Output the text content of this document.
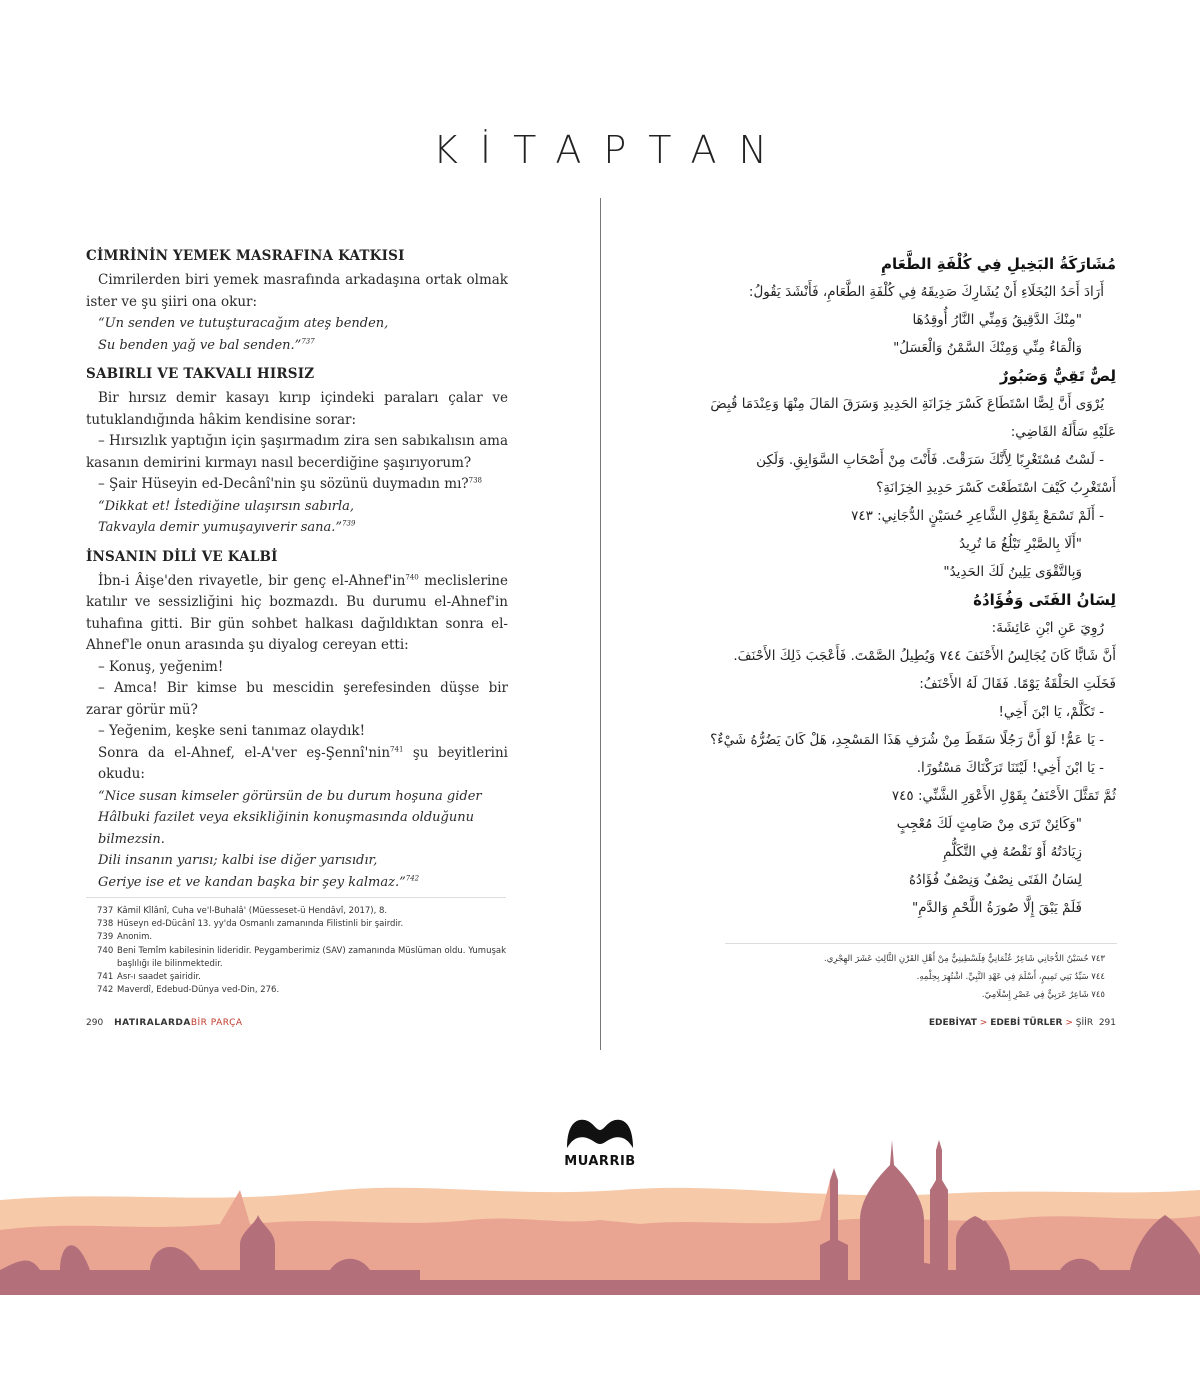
KİTAPTAN
CİMRİNİN YEMEK MASRAFINA KATKISI

Cimrilerden biri yemek masrafında arkadaşına ortak olmak ister ve şu şiiri ona okur:

“Un senden ve tutuşturacağım ateş benden,

Su benden yağ ve bal senden.”$^{737}$

SABIRLI VE TAKVALI HIRSIZ

Bir hırsız demir kasayı kırıp içindeki paraları çalar ve tutuklandığında hâkim kendisine sorar:

– Hırsızlık yaptığın için şaşırmadım zira sen sabıkalısın ama kasanın demirini kırmayı nasıl becerdiğine şaşırıyorum?

– Şair Hüseyin ed-Decânî'nin şu sözünü duymadın mı?$^{738}$

“Dikkat et! İstediğine ulaşırsın sabırla,

Takvayla demir yumuşayıverir sana.”$^{739}$

İNSANIN DİLİ VE KALBİ

İbn-i Âişe'den rivayetle, bir genç $el-Ahnef'in^{740}$ meclislerine katılır ve sessizliğini hiç bozmazdı. Bu durumu el-Ahnef'in tuhafına gitti. Bir gün sohbet halkası dağıldıktan sonra el-Ahnef'le onun arasında şu diyalog cereyan etti:

– Konuş, yeğenim!

– Amca! Bir kimse bu mescidin şerefesinden düşse bir zarar görür mü?

– Yeğenim, keşke seni tanımaz olaydık!

Sonra da el-Ahnef, el-A'ver eş-Şennî'nin$^{741}$ şu beyitlerini okudu:

“Nice susan kimseler görürsün de bu durum hoşuna gider

Hâlbuki fazilet veya eksikliğinin konuşmasında olduğunu bilmezsin.

Dili insanın yarısı; kalbi ise diğer yarısıdır,

Geriye ise et ve kandan başka bir şey kalmaz.”$^{742}$

737 Kâmil Kîlânî, Cuha ve'l-Buhalâ' (Müesseset-ü Hendâvî, 2017), 8.
738 Hüseyn ed-Dücânî 13. yy'da Osmanlı zamanında Filistinli bir şairdir.
739 Anonim.
740 Beni Temîm kabilesinin lideridir. Peygamberimiz (SAV) zamanında Müslüman oldu. Yumuşak başlılığı ile bilinmektedir.
741 Asr-ı saadet şairidir.
742 Maverdî, Edebud-Dünya ved-Din, 276.
290 HATIRALARDABİR PARÇA

مُشَارَكَةُ البَخِيلِ فِي كُلْفَةِ الطَّعَامِ

أَرَادَ أَحَدُ البُخَلَاءِ أَنْ يُشَارِكَ صَدِيقَهُ فِي كُلْفَةِ الطَّعَامِ، فَأَنْشَدَ يَقُولُ:

"مِنْكَ الدَّقِيقُ وَمِنِّي النَّارُ أُوقِدُهَا

وَالْمَاءُ مِنِّي وَمِنْكَ السَّمْنُ وَالْعَسَلُ"

لِصٌّ تَقِيٌّ وَصَبُورٌ

يُرْوَى أَنَّ لِصًّا اسْتَطَاعَ كَسْرَ خِزَانَةِ الحَدِيدِ وَسَرَقَ المَالَ مِنْهَا وَعِنْدَمَا قُبِضَ

عَلَيْهِ سَأَلَهُ القَاضِي:

- لَسْتُ مُسْتَغْرِبًا لِأَنَّكَ سَرَقْتَ. فَأَنْتَ مِنْ أَصْحَابِ السَّوَابِقِ. وَلَكِن

أَسْتَغْرِبُ كَيْفَ اسْتَطَعْتَ كَسْرَ حَدِيدِ الخِزَانَةِ؟

- أَلَمْ تَسْمَعْ بِقَوْلِ الشَّاعِرِ حُسَيْنٍ الدُّجَانِي: ٧٤٣

"أَلَا بِالصَّبْرِ تَبْلُغُ مَا تُرِيدُ

وَبِالتَّقْوَى يَلِينُ لَكَ الحَدِيدُ"

لِسَانُ الفَتَى وَفُؤَادُهُ

رُوِيَ عَنِ ابْنِ عَائِشَةَ:

أَنَّ شَابًّا كَانَ يُجَالِسُ الأَحْنَفَ ٧٤٤ وَيُطِيلُ الصَّمْتَ. فَأَعْجَبَ ذَلِكَ الأَحْنَفَ.

فَخَلَتِ الحَلْقَةُ يَوْمًا. فَقَالَ لَهُ الأَحْنَفُ:

- تَكَلَّمْ، يَا ابْنَ أَخِي!

- يَا عَمُّ! لَوْ أَنَّ رَجُلًا سَقَطَ مِنْ شُرَفِ هَذَا المَسْجِدِ، هَلْ كَانَ يَضُرُّهُ شَيْءٌ؟

- يَا ابْنَ أَخِي! لَيْتَنَا تَرَكْنَاكَ مَسْتُورًا.

ثُمَّ تَمَثَّلَ الأَحْنَفُ بِقَوْلِ الأَعْوَرِ الشَّنِّي: ٧٤٥

"وَكَائِنْ تَرَى مِنْ صَامِتٍ لَكَ مُعْجِبٍ

زِيَادَتُهُ أَوْ نَقْصُهُ فِي التَّكَلُّمِ

لِسَانُ الفَتَى نِصْفٌ وَنِصْفٌ فُؤَادُهُ

فَلَمْ يَبْقَ إِلَّا صُورَةُ اللَّحْمِ وَالدَّمِ"

٧٤٣ حُسَيْنٌ الدُّجَانِي شَاعِرٌ عُثْمَانِيٌّ فِلَسْطِينِيٌّ مِنْ أَهْلِ القَرْنِ الثَّالِثِ عَشَرَ الهِجْرِي.
٧٤٤ سَيِّدُ بَنِي تَمِيمٍ، أَسْلَمَ فِي عَهْدِ النَّبِيِّ. اشْتُهِرَ بِحِلْمِهِ.
٧٤٥ شَاعِرٌ عَرَبِيٌّ فِي عَصْرِ إِسْلَامِيّ.
EDEBİYAT > EDEBİ TÜRLER > ŞİİR 291
MUARRIB
